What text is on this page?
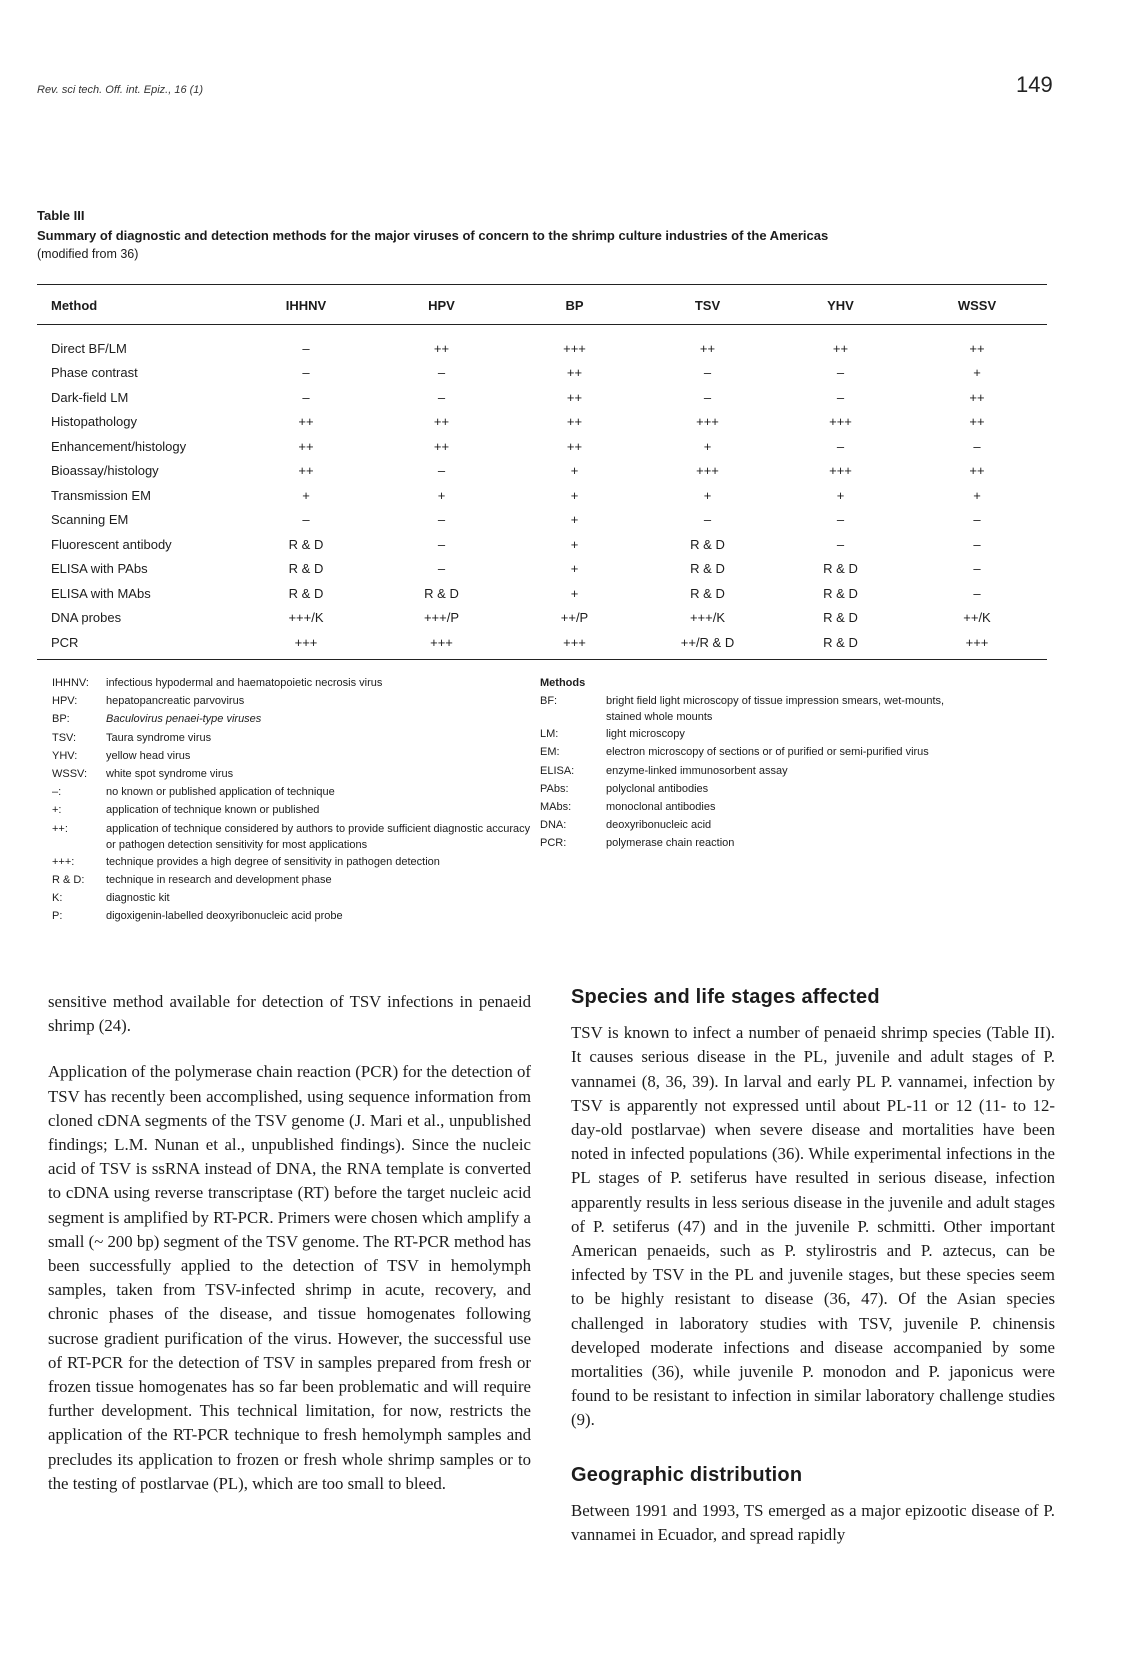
Rev. sci tech. Off. int. Epiz., 16 (1)	149
Table III
Summary of diagnostic and detection methods for the major viruses of concern to the shrimp culture industries of the Americas
(modified from 36)
Method	IHHNV	HPV	BP	TSV	YHV	WSSV

Direct BF/LM	–	++	+++	++	++	++
Phase contrast	–	–	++	–	–	+
Dark-field LM	–	–	++	–	–	++
Histopathology	++	++	++	+++	+++	++
Enhancement/histology	++	++	++	+	–	–
Bioassay/histology	++	–	+	+++	+++	++
Transmission EM	+	+	+	+	+	+
Scanning EM	–	–	+	–	–	–
Fluorescent antibody	R & D	–	+	R & D	–	–
ELISA with PAbs	R & D	–	+	R & D	R & D	–
ELISA with MAbs	R & D	R & D	+	R & D	R & D	–
DNA probes	+++/K	+++/P	++/P	+++/K	R & D	++/K
PCR	+++	+++	+++	++/R & D	R & D	+++
IHHNV:	infectious hypodermal and haematopoietic necrosis virus
HPV:	hepatopancreatic parvovirus
BP:	Baculovirus penaei-type viruses
TSV:	Taura syndrome virus
YHV:	yellow head virus
WSSV:	white spot syndrome virus
–:	no known or published application of technique
+:	application of technique known or published
++:	application of technique considered by authors to provide sufficient diagnostic accuracy or pathogen detection sensitivity for most applications
+++:	technique provides a high degree of sensitivity in pathogen detection
R & D:	technique in research and development phase
K:	diagnostic kit
P:	digoxigenin-labelled deoxyribonucleic acid probe
Methods
BF:	bright field light microscopy of tissue impression smears, wet-mounts, stained whole mounts
LM:	light microscopy
EM:	electron microscopy of sections or of purified or semi-purified virus
ELISA:	enzyme-linked immunosorbent assay
PAbs:	polyclonal antibodies
MAbs:	monoclonal antibodies
DNA:	deoxyribonucleic acid
PCR:	polymerase chain reaction

sensitive method available for detection of TSV infections in penaeid shrimp (24).

Application of the polymerase chain reaction (PCR) for the detection of TSV has recently been accomplished, using sequence information from cloned cDNA segments of the TSV genome (J. Mari et al., unpublished findings; L.M. Nunan et al., unpublished findings). Since the nucleic acid of TSV is ssRNA instead of DNA, the RNA template is converted to cDNA using reverse transcriptase (RT) before the target nucleic acid segment is amplified by RT-PCR. Primers were chosen which amplify a small (~ 200 bp) segment of the TSV genome. The RT-PCR method has been successfully applied to the detection of TSV in hemolymph samples, taken from TSV-infected shrimp in acute, recovery, and chronic phases of the disease, and tissue homogenates following sucrose gradient purification of the virus. However, the successful use of RT-PCR for the detection of TSV in samples prepared from fresh or frozen tissue homogenates has so far been problematic and will require further development. This technical limitation, for now, restricts the application of the RT-PCR technique to fresh hemolymph samples and precludes its application to frozen or fresh whole shrimp samples or to the testing of postlarvae (PL), which are too small to bleed.

Species and life stages affected

TSV is known to infect a number of penaeid shrimp species (Table II). It causes serious disease in the PL, juvenile and adult stages of P. vannamei (8, 36, 39). In larval and early PL P. vannamei, infection by TSV is apparently not expressed until about PL-11 or 12 (11- to 12-day-old postlarvae) when severe disease and mortalities have been noted in infected populations (36). While experimental infections in the PL stages of P. setiferus have resulted in serious disease, infection apparently results in less serious disease in the juvenile and adult stages of P. setiferus (47) and in the juvenile P. schmitti. Other important American penaeids, such as P. stylirostris and P. aztecus, can be infected by TSV in the PL and juvenile stages, but these species seem to be highly resistant to disease (36, 47). Of the Asian species challenged in laboratory studies with TSV, juvenile P. chinensis developed moderate infections and disease accompanied by some mortalities (36), while juvenile P. monodon and P. japonicus were found to be resistant to infection in similar laboratory challenge studies (9).

Geographic distribution

Between 1991 and 1993, TS emerged as a major epizootic disease of P. vannamei in Ecuador, and spread rapidly
